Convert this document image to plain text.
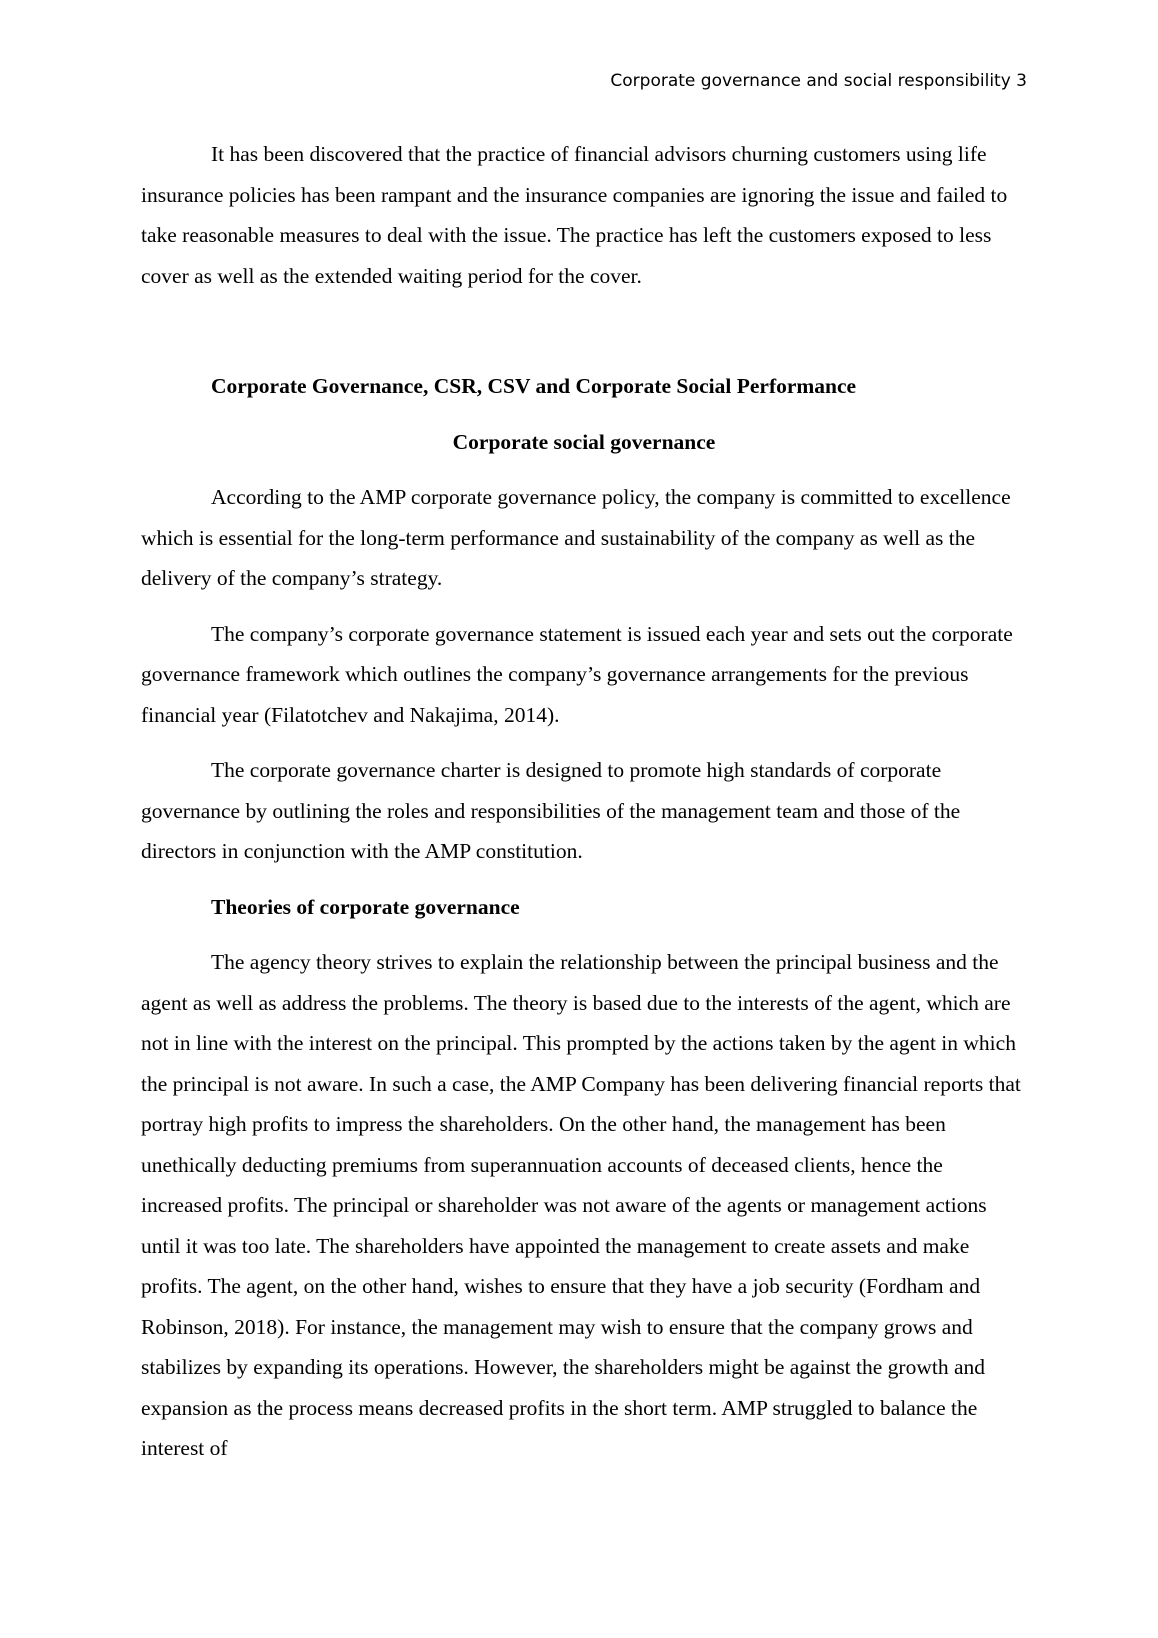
Corporate governance and social responsibility 3

It has been discovered that the practice of financial advisors churning customers using life insurance policies has been rampant and the insurance companies are ignoring the issue and failed to take reasonable measures to deal with the issue. The practice has left the customers exposed to less cover as well as the extended waiting period for the cover.

Corporate Governance, CSR, CSV and Corporate Social Performance

Corporate social governance

According to the AMP corporate governance policy, the company is committed to excellence which is essential for the long-term performance and sustainability of the company as well as the delivery of the company’s strategy.

The company’s corporate governance statement is issued each year and sets out the corporate governance framework which outlines the company’s governance arrangements for the previous financial year (Filatotchev and Nakajima, 2014).

The corporate governance charter is designed to promote high standards of corporate governance by outlining the roles and responsibilities of the management team and those of the directors in conjunction with the AMP constitution.

Theories of corporate governance

The agency theory strives to explain the relationship between the principal business and the agent as well as address the problems. The theory is based due to the interests of the agent, which are not in line with the interest on the principal. This prompted by the actions taken by the agent in which the principal is not aware. In such a case, the AMP Company has been delivering financial reports that portray high profits to impress the shareholders. On the other hand, the management has been unethically deducting premiums from superannuation accounts of deceased clients, hence the increased profits. The principal or shareholder was not aware of the agents or management actions until it was too late. The shareholders have appointed the management to create assets and make profits. The agent, on the other hand, wishes to ensure that they have a job security (Fordham and Robinson, 2018). For instance, the management may wish to ensure that the company grows and stabilizes by expanding its operations. However, the shareholders might be against the growth and expansion as the process means decreased profits in the short term. AMP struggled to balance the interest of
